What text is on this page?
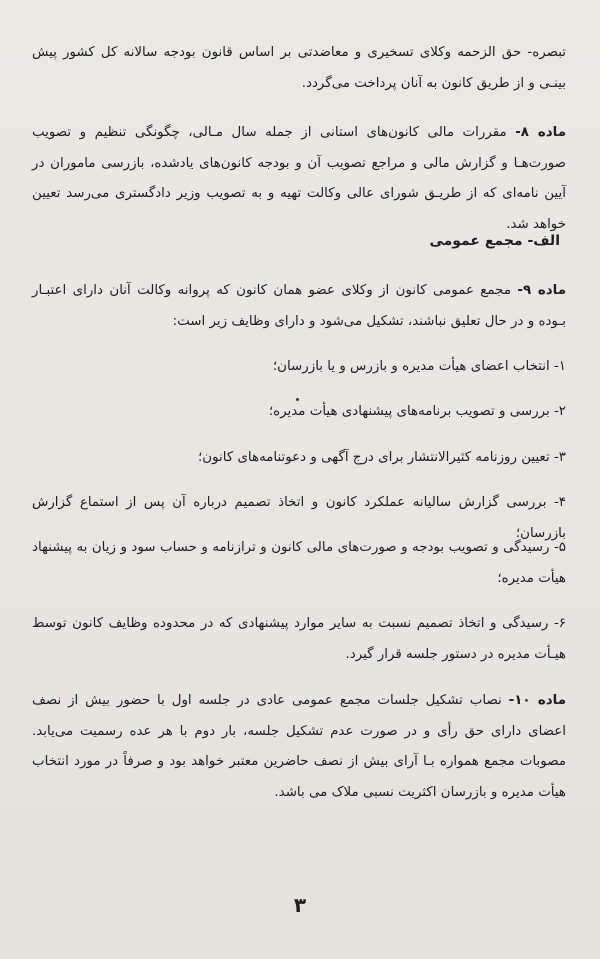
تبصره- حق الزحمه وکلای تسخیری و معاضدتی بر اساس قانون بودجه سالانه کل کشور پیش بینـی و از طریق کانون به آنان پرداخت می‌گردد.

ماده ۸- مقررات مالی کانون‌های استانی از جمله سال مـالی، چگونگی تنظیم و تصویب صورت‌هـا و گزارش مالی و مراجع تصویب آن و بودجه کانون‌های یادشده، بازرسی ماموران در آیین نامه‌ای که از طریـق شورای عالی وکالت تهیه و به تصویب وزیر دادگستری می‌رسد تعیین خواهد شد.

الف- مجمع عمومی

ماده ۹- مجمع عمومی کانون از وکلای عضو همان کانون که پروانه وکالت آنان دارای اعتبـار بـوده و در حال تعلیق نباشند، تشکیل می‌شود و دارای وظایف زیر است:

۱- انتخاب اعضای هیأت مدیره و بازرس و یا بازرسان؛

۲- بررسی و تصویب برنامه‌های پیشنهادی هیأت مدیره؛

۳- تعیین روزنامه کثیرالانتشار برای درج آگهی و دعوتنامه‌های کانون؛

۴- بررسی گزارش سالیانه عملکرد کانون و اتخاذ تصمیم درباره آن پس از استماع گزارش بازرسان؛

۵- رسیدگی و تصویب بودجه و صورت‌های مالی کانون و ترازنامه و حساب سود و زیان به پیشنهاد هیأت مدیره؛

۶- رسیدگی و اتخاذ تصمیم نسبت به سایر موارد پیشنهادی که در محدوده وظایف کانون توسط هیـأت مدیره در دستور جلسه قرار گیرد.

ماده ۱۰- نصاب تشکیل جلسات مجمع عمومی عادی در جلسه اول با حضور بیش از نصف اعضای دارای حق رأی و در صورت عدم تشکیل جلسه، بار دوم با هر عده رسمیت می‌یابد. مصوبات مجمع همواره بـا آرای بیش از نصف حاضرین معتبر خواهد بود و صرفاً در مورد انتخاب هیأت مدیره و بازرسان اکثریت نسبی ملاک می باشد.

۳
